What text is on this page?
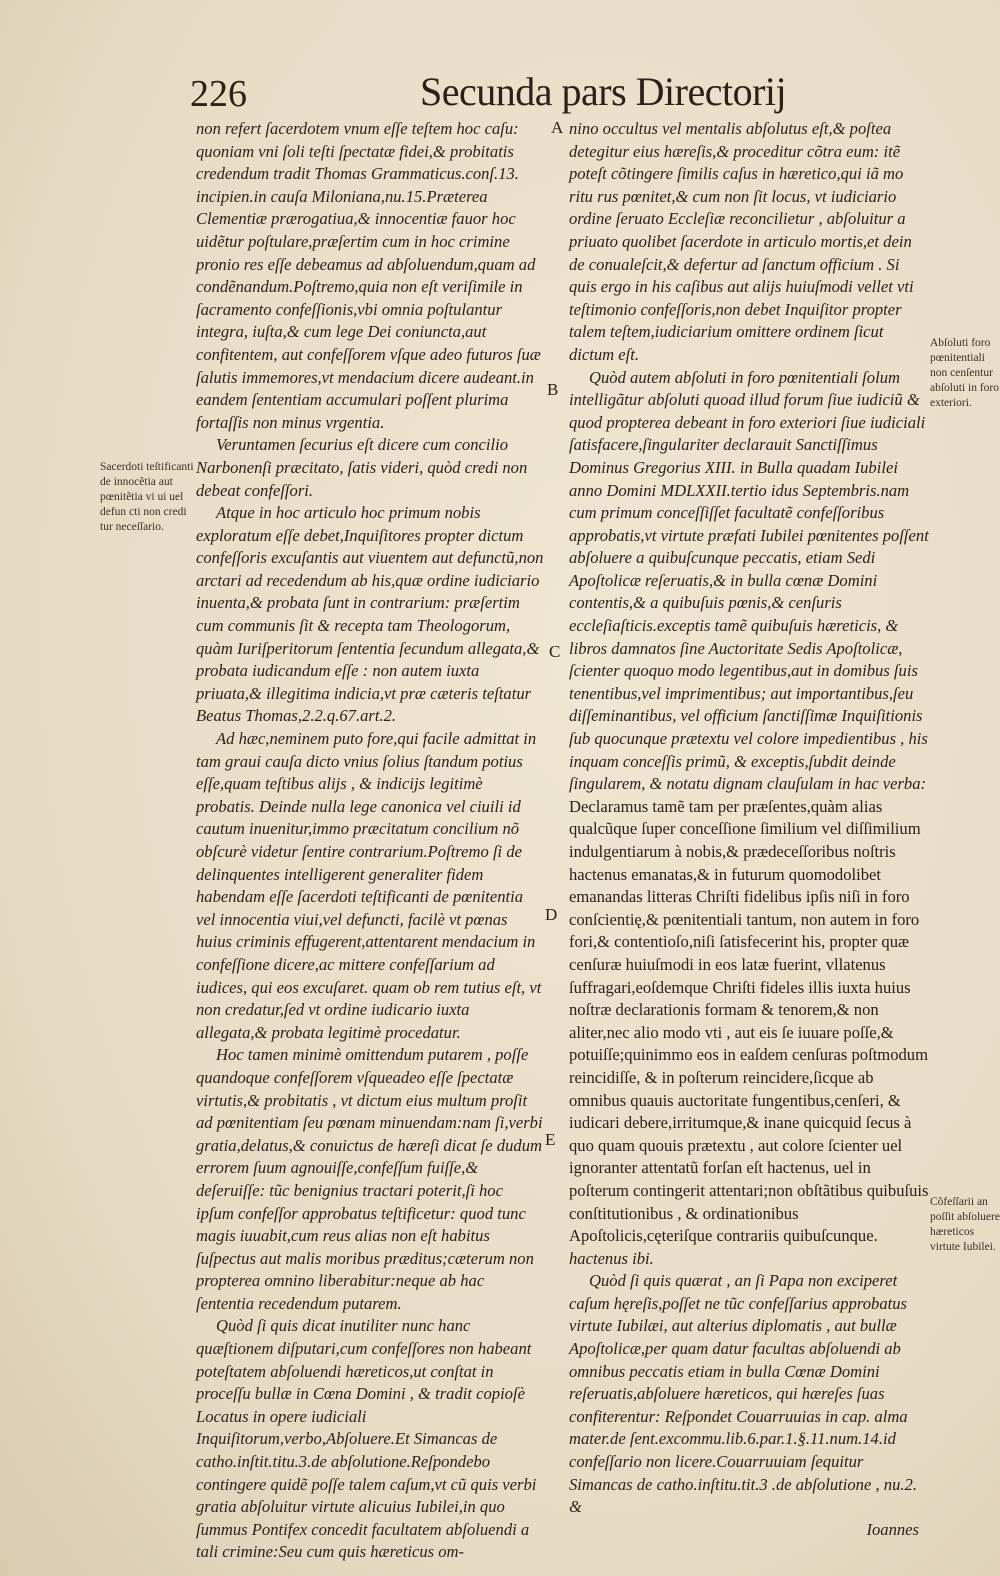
226	Secunda pars Directorij

non refert ſacerdotem vnum eſſe teſtem hoc caſu: quoniam vni ſoli teſti ſpectatæ fidei,& probitatis credendum tradit Thomas Grammaticus.conſ.13. incipien.in cauſa Miloniana,nu.15.Præterea Clementiæ prærogatiua,& innocentiæ fauor hoc uidẽtur poſtulare,præſertim cum in hoc crimine pronio res eſſe debeamus ad abſoluendum,quam ad condẽnandum.Poſtremo,quia non eſt veriſimile in ſacramento confeſſionis,vbi omnia poſtulantur integra, iuſta,& cum lege Dei coniuncta,aut confitentem, aut confeſſorem vſque adeo futuros ſuæ ſalutis immemores,vt mendacium dicere audeant.in eandem ſententiam accumulari poſſent plurima fortaſſis non minus vrgentia.

Veruntamen ſecurius eſt dicere cum concilio Narbonenſi præcitato, ſatis videri, quòd credi non debeat confeſſori.

Atque in hoc articulo hoc primum nobis exploratum eſſe debet,Inquiſitores propter dictum confeſſoris excuſantis aut viuentem aut defunctũ,non arctari ad recedendum ab his,quæ ordine iudiciario inuenta,& probata ſunt in contrarium: præſertim cum communis ſit & recepta tam Theologorum, quàm Iuriſperitorum ſententia ſecundum allegata,& probata iudicandum eſſe : non autem iuxta priuata,& illegitima indicia,vt præ cæteris teſtatur Beatus Thomas,2.2.q.67.art.2.

Ad hæc,neminem puto fore,qui facile admittat in tam graui cauſa dicto vnius ſolius ſtandum potius eſſe,quam teſtibus alijs , & indicijs legitimè probatis. Deinde nulla lege canonica vel ciuili id cautum inuenitur,immo præcitatum concilium nõ obſcurè videtur ſentire contrarium.Poſtremo ſi de delinquentes intelligerent generaliter fidem habendam eſſe ſacerdoti teſtificanti de pœnitentia vel innocentia viui,vel defuncti, facilè vt pœnas huius criminis effugerent,attentarent mendacium in confeſſione dicere,ac mittere confeſſarium ad iudices, qui eos excuſaret. quam ob rem tutius eſt, vt non credatur,ſed vt ordine iudicario iuxta allegata,& probata legitimè procedatur.

Hoc tamen minimè omittendum putarem , poſſe quandoque confeſſorem vſqueadeo eſſe ſpectatæ virtutis,& probitatis , vt dictum eius multum proſit ad pœnitentiam ſeu pœnam minuendam:nam ſi,verbi gratia,delatus,& conuictus de hæreſi dicat ſe dudum errorem ſuum agnouiſſe,confeſſum fuiſſe,& deſeruiſſe: tũc benignius tractari poterit,ſi hoc ipſum confeſſor approbatus teſtificetur: quod tunc magis iuuabit,cum reus alias non eſt habitus ſuſpectus aut malis moribus præditus;cæterum non propterea omnino liberabitur:neque ab hac ſententia recedendum putarem.

Quòd ſi quis dicat inutiliter nunc hanc quæſtionem diſputari,cum confeſſores non habeant poteſtatem abſoluendi hæreticos,ut conſtat in proceſſu bullæ in Cœna Domini , & tradit copioſè Locatus in opere iudiciali Inquiſitorum,verbo,Abſoluere.Et Simancas de catho.inſtit.titu.3.de abſolutione.Reſpondebo contingere quidẽ poſſe talem caſum,vt cũ quis verbi gratia abſoluitur virtute alicuius Iubilei,in quo ſummus Pontifex concedit facultatem abſoluendi a tali crimine:Seu cum quis hæreticus om-

A
B
C
D
E

nino occultus vel mentalis abſolutus eſt,& poſtea detegitur eius hæreſis,& proceditur cõtra eum: itẽ poteſt cõtingere ſimilis caſus in hæretico,qui iã mo ritu rus pœnitet,& cum non ſit locus, vt iudiciario ordine ſeruato Eccleſiæ reconcilietur , abſoluitur a priuato quolibet ſacerdote in articulo mortis,et dein de conualeſcit,& defertur ad ſanctum officium . Si quis ergo in his caſibus aut alijs huiuſmodi vellet vti teſtimonio confeſſoris,non debet Inquiſitor propter talem teſtem,iudiciarium omittere ordinem ſicut dictum eſt.

Quòd autem abſoluti in foro pœnitentiali ſolum intelligãtur abſoluti quoad illud forum ſiue iudiciũ & quod propterea debeant in foro exteriori ſiue iudiciali ſatisfacere,ſingulariter declarauit Sanctiſſimus Dominus Gregorius XIII. in Bulla quadam Iubilei anno Domini MDLXXII.tertio idus Septembris.nam cum primum conceſſiſſet facultatẽ confeſſoribus approbatis,vt virtute præfati Iubilei pœnitentes poſſent abſoluere a quibuſcunque peccatis, etiam Sedi Apoſtolicæ reſeruatis,& in bulla cœnæ Domini contentis,& a quibuſuis pœnis,& cenſuris eccleſiaſticis.exceptis tamẽ quibuſuis hæreticis, & libros damnatos ſine Auctoritate Sedis Apoſtolicæ, ſcienter quoquo modo legentibus,aut in domibus ſuis tenentibus,vel imprimentibus; aut importantibus,ſeu diſſeminantibus, vel officium ſanctiſſimæ Inquiſitionis ſub quocunque prætextu vel colore impedientibus , his inquam conceſſis primũ, & exceptis,ſubdit deinde ſingularem, & notatu dignam clauſulam in hac verba: Declaramus tamẽ tam per præſentes,quàm alias qualcũque ſuper conceſſione ſimilium vel diſſimilium indulgentiarum à nobis,& prædeceſſoribus noſtris hactenus emanatas,& in futurum quomodolibet emanandas litteras Chriſti fidelibus ipſis niſi in foro conſcientię,& pœnitentiali tantum, non autem in foro fori,& contentioſo,niſi ſatisfecerint his, propter quæ cenſuræ huiuſmodi in eos latæ fuerint, vllatenus ſuffragari,eoſdemque Chriſti fideles illis iuxta huius noſtræ declarationis formam & tenorem,& non aliter,nec alio modo vti , aut eis ſe iuuare poſſe,& potuiſſe;quinimmo eos in eaſdem cenſuras poſtmodum reincidiſſe, & in poſterum reincidere,ſicque ab omnibus quauis auctoritate fungentibus,cenſeri, & iudicari debere,irritumque,& inane quicquid ſecus à quo quam quouis prætextu , aut colore ſcienter uel ignoranter attentatũ forſan eſt hactenus, uel in poſterum contingerit attentari;non obſtãtibus quibuſuis conſtitutionibus , & ordinationibus Apoſtolicis,cęteriſque contrariis quibuſcunque. hactenus ibi.

Quòd ſi quis quærat , an ſi Papa non exciperet caſum hęreſis,poſſet ne tũc confeſſarius approbatus virtute Iubilæi, aut alterius diplomatis , aut bullæ Apoſtolicæ,per quam datur facultas abſoluendi ab omnibus peccatis etiam in bulla Cœnæ Domini reſeruatis,abſoluere hæreticos, qui hæreſes ſuas confiterentur: Reſpondet Couarruuias in cap. alma mater.de ſent.excommu.lib.6.par.1.§.11.num.14.id confeſſario non licere.Couarruuiam ſequitur Simancas de catho.inſtitu.tit.3 .de abſolutione , nu.2. &

Ioannes

Sacerdoti teſtificanti de innocẽtia aut pœnitẽtia vi ui uel defun cti non credi tur neceſſario.
Abſoluti foro pœnitentiali non cenſentur abſoluti in foro exteriori.
Cõfeſſarii an poſſit abſoluere hæreticos virtute Iubilei.
